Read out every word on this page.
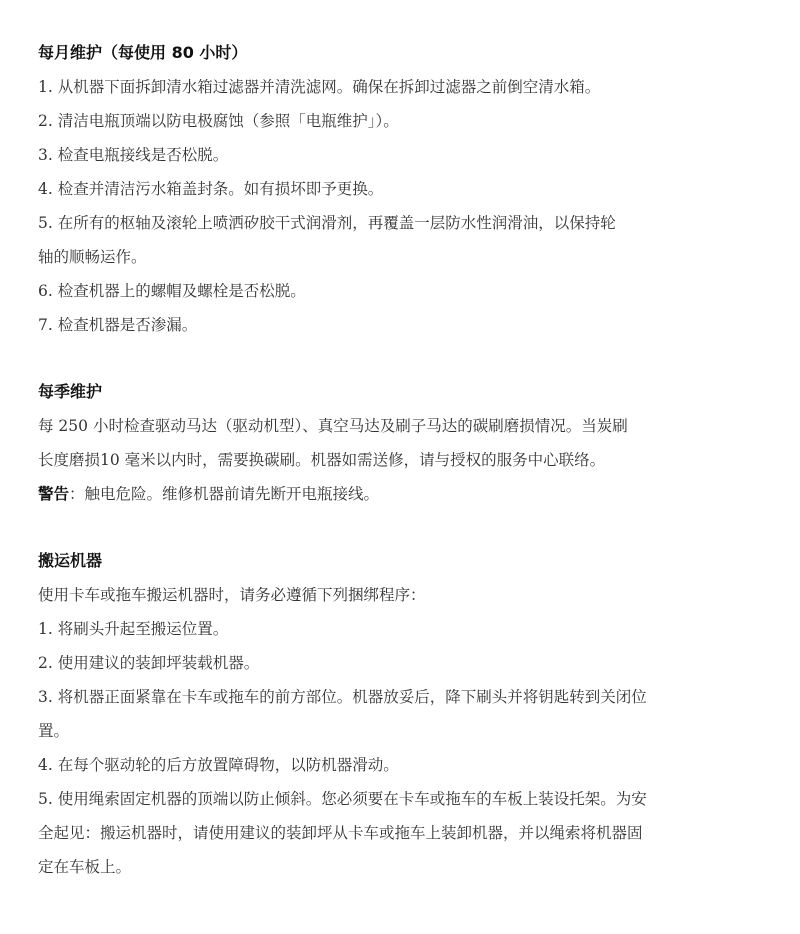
每月维护（每使用 80 小时）
1. 从机器下面拆卸清水箱过滤器并清洗滤网。确保在拆卸过滤器之前倒空清水箱。
2. 清洁电瓶顶端以防电极腐蚀（参照「电瓶维护」）。
3. 检查电瓶接线是否松脱。
4. 检查并清洁污水箱盖封条。如有损坏即予更换。
5. 在所有的枢轴及滚轮上喷洒矽胶干式润滑剂，再覆盖一层防水性润滑油，以保持轮
轴的顺畅运作。
6. 检查机器上的螺帽及螺栓是否松脱。
7. 检查机器是否渗漏。
每季维护
每 250 小时检查驱动马达（驱动机型）、真空马达及刷子马达的碳刷磨损情况。当炭刷
长度磨损10 毫米以内时，需要换碳刷。机器如需送修，请与授权的服务中心联络。
警告：触电危险。维修机器前请先断开电瓶接线。
搬运机器
使用卡车或拖车搬运机器时，请务必遵循下列捆绑程序：
1. 将刷头升起至搬运位置。
2. 使用建议的装卸坪装载机器。
3. 将机器正面紧靠在卡车或拖车的前方部位。机器放妥后，降下刷头并将钥匙转到关闭位
置。
4. 在每个驱动轮的后方放置障碍物，以防机器滑动。
5. 使用绳索固定机器的顶端以防止倾斜。您必须要在卡车或拖车的车板上装设托架。为安
全起见：搬运机器时，请使用建议的装卸坪从卡车或拖车上装卸机器，并以绳索将机器固
定在车板上。
